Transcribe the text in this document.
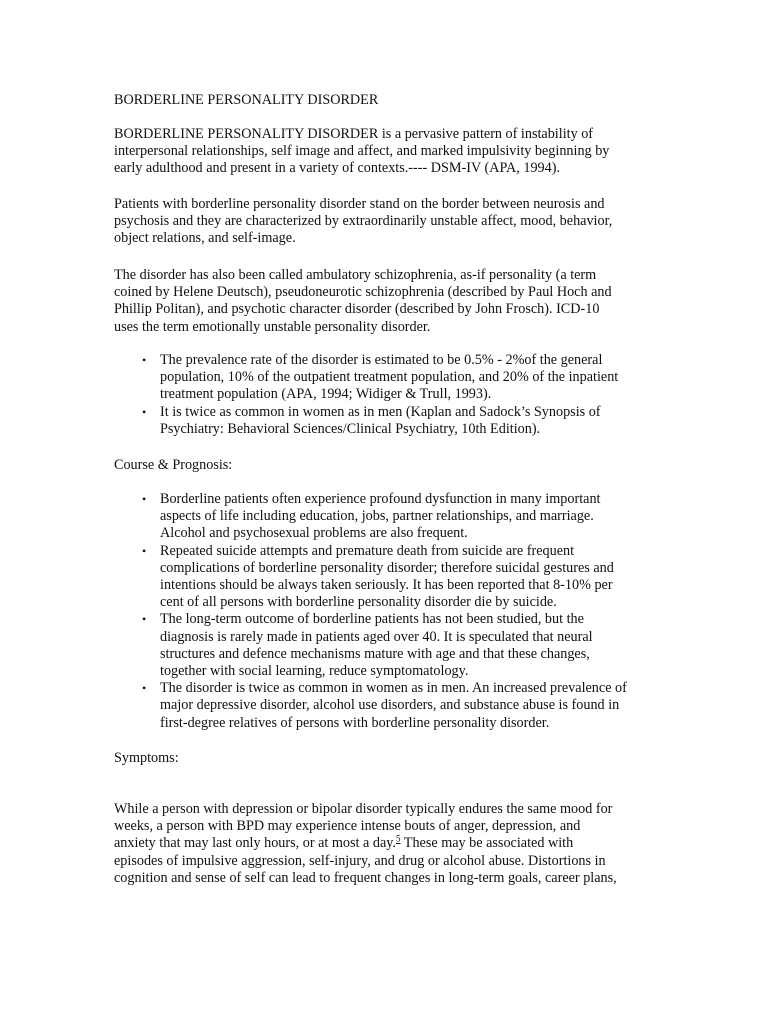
BORDERLINE PERSONALITY DISORDER
BORDERLINE PERSONALITY DISORDER is a pervasive pattern of instability of
interpersonal relationships, self image and affect, and marked impulsivity beginning by
early adulthood and present in a variety of contexts.---- DSM-IV (APA, 1994).
Patients with borderline personality disorder stand on the border between neurosis and
psychosis and they are characterized by extraordinarily unstable affect, mood, behavior,
object relations, and self-image.
The disorder has also been called ambulatory schizophrenia, as-if personality (a term
coined by Helene Deutsch), pseudoneurotic schizophrenia (described by Paul Hoch and
Phillip Politan), and psychotic character disorder (described by John Frosch). ICD-10
uses the term emotionally unstable personality disorder.
• The prevalence rate of the disorder is estimated to be 0.5% - 2%of the general
population, 10% of the outpatient treatment population, and 20% of the inpatient
treatment population (APA, 1994; Widiger & Trull, 1993).
• It is twice as common in women as in men (Kaplan and Sadock’s Synopsis of
Psychiatry: Behavioral Sciences/Clinical Psychiatry, 10th Edition).
Course & Prognosis:
• Borderline patients often experience profound dysfunction in many important
aspects of life including education, jobs, partner relationships, and marriage.
Alcohol and psychosexual problems are also frequent.
• Repeated suicide attempts and premature death from suicide are frequent
complications of borderline personality disorder; therefore suicidal gestures and
intentions should be always taken seriously. It has been reported that 8-10% per
cent of all persons with borderline personality disorder die by suicide.
• The long-term outcome of borderline patients has not been studied, but the
diagnosis is rarely made in patients aged over 40. It is speculated that neural
structures and defence mechanisms mature with age and that these changes,
together with social learning, reduce symptomatology.
• The disorder is twice as common in women as in men. An increased prevalence of
major depressive disorder, alcohol use disorders, and substance abuse is found in
first-degree relatives of persons with borderline personality disorder.
Symptoms:
While a person with depression or bipolar disorder typically endures the same mood for
weeks, a person with BPD may experience intense bouts of anger, depression, and
anxiety that may last only hours, or at most a day.$^5$ These may be associated with
episodes of impulsive aggression, self-injury, and drug or alcohol abuse. Distortions in
cognition and sense of self can lead to frequent changes in long-term goals, career plans,
